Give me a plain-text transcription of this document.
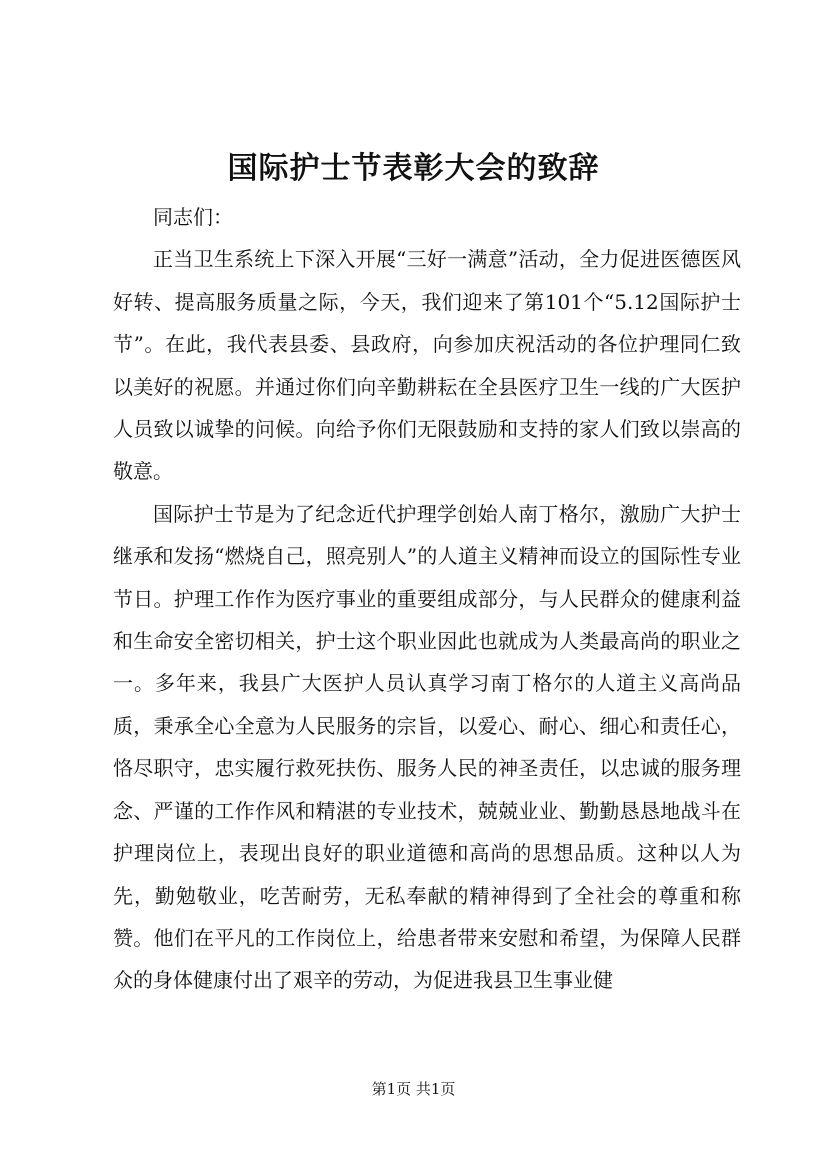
国际护士节表彰大会的致辞

同志们：

正当卫生系统上下深入开展“三好一满意”活动，全力促进医德医风好转、提高服务质量之际，今天，我们迎来了第101个“5.12国际护士节”。在此，我代表县委、县政府，向参加庆祝活动的各位护理同仁致以美好的祝愿。并通过你们向辛勤耕耘在全县医疗卫生一线的广大医护人员致以诚挚的问候。向给予你们无限鼓励和支持的家人们致以崇高的敬意。

国际护士节是为了纪念近代护理学创始人南丁格尔，激励广大护士继承和发扬“燃烧自己，照亮别人”的人道主义精神而设立的国际性专业节日。护理工作作为医疗事业的重要组成部分，与人民群众的健康利益和生命安全密切相关，护士这个职业因此也就成为人类最高尚的职业之一。多年来，我县广大医护人员认真学习南丁格尔的人道主义高尚品质，秉承全心全意为人民服务的宗旨，以爱心、耐心、细心和责任心，恪尽职守，忠实履行救死扶伤、服务人民的神圣责任，以忠诚的服务理念、严谨的工作作风和精湛的专业技术，兢兢业业、勤勤恳恳地战斗在护理岗位上，表现出良好的职业道德和高尚的思想品质。这种以人为先，勤勉敬业，吃苦耐劳，无私奉献的精神得到了全社会的尊重和称赞。他们在平凡的工作岗位上，给患者带来安慰和希望，为保障人民群众的身体健康付出了艰辛的劳动，为促进我县卫生事业健

第1页 共1页
